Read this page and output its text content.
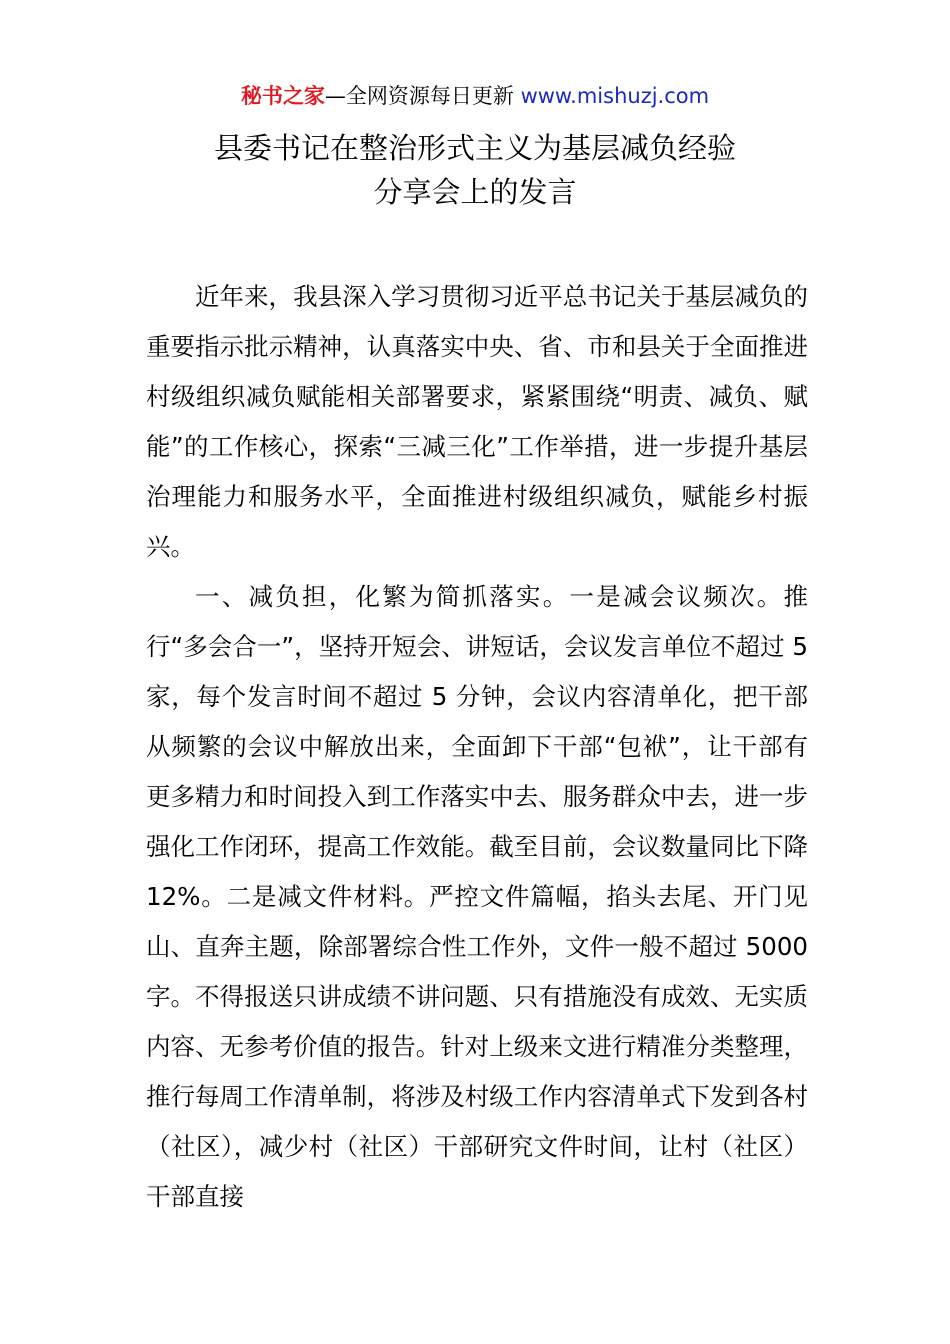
秘书之家—全网资源每日更新 www.mishuzj.com
县委书记在整治形式主义为基层减负经验
分享会上的发言

近年来，我县深入学习贯彻习近平总书记关于基层减负的重要指示批示精神，认真落实中央、省、市和县关于全面推进村级组织减负赋能相关部署要求，紧紧围绕“明责、减负、赋能”的工作核心，探索“三减三化”工作举措，进一步提升基层治理能力和服务水平，全面推进村级组织减负，赋能乡村振兴。

一、减负担，化繁为简抓落实。一是减会议频次。推行“多会合一”，坚持开短会、讲短话，会议发言单位不超过 5 家，每个发言时间不超过 5 分钟，会议内容清单化，把干部从频繁的会议中解放出来，全面卸下干部“包袱”，让干部有更多精力和时间投入到工作落实中去、服务群众中去，进一步强化工作闭环，提高工作效能。截至目前，会议数量同比下降 12%。二是减文件材料。严控文件篇幅，掐头去尾、开门见山、直奔主题，除部署综合性工作外，文件一般不超过 5000 字。不得报送只讲成绩不讲问题、只有措施没有成效、无实质内容、无参考价值的报告。针对上级来文进行精准分类整理，推行每周工作清单制，将涉及村级工作内容清单式下发到各村（社区），减少村（社区）干部研究文件时间，让村（社区）干部直接
